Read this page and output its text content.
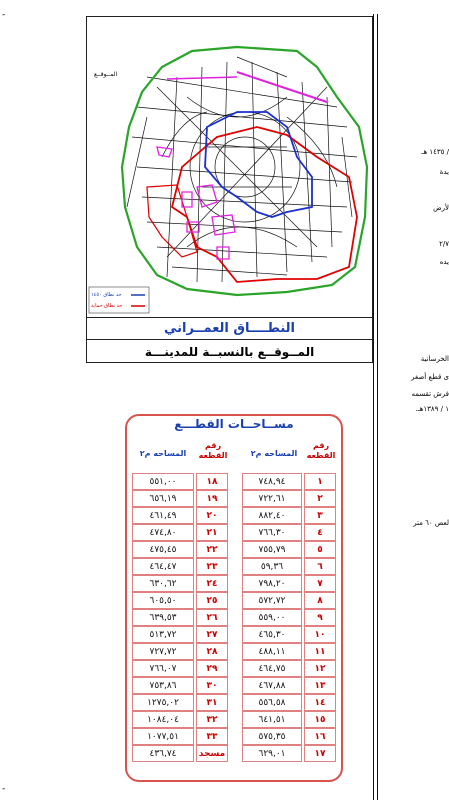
-
-
/ ١٤٣٥ هـ
يدة
لأرض
٢/٧
يده
الخرسانية
ى قطع أصغر
فرش تقسمه
١ / ١٣٨٩هـ.
لعص ٦٠ متر
المــوقــع
حد نطاق ١٤٥٠
حد نطاق حماية
النطــــاق العمــراني
المــوقــع بالنسبــة للمدينـــة
مســاحــات القطـــع
رقم القطعه
المساحه م٢
رقم القطعه
المساحه م٢
١
٧٤٨,٩٤
٢
٧٢٢,٦١
٣
٨٨٢,٤٠
٤
٧٦٦,٣٠
٥
٧٥٥,٧٩
٦
٥٩,٣٦
٧
٧٩٨,٢٠
٨
٥٧٢,٧٢
٩
٥٥٩,٠٠
١٠
٤٦٥,٣٠
١١
٤٨٨,١١
١٢
٤٦٤,٧٥
١٣
٤٦٧,٨٨
١٤
٥٥٦,٥٨
١٥
٦٤١,٥١
١٦
٥٧٥,٣٥
١٧
٦٢٩,٠١
١٨
٥٥١,٠٠
١٩
٦٥٦,١٩
٢٠
٤٦١,٤٩
٢١
٤٧٤,٨٠
٢٢
٤٧٥,٤٥
٢٣
٤٦٤,٤٧
٢٤
٦٣٠,٦٢
٢٥
٦٠٥,٥٠
٢٦
٦٣٩,٥٣
٢٧
٥١٣,٧٢
٢٨
٧٢٧,٧٢
٢٩
٧٦٦,٠٧
٣٠
٧٥٣,٨٦
٣١
١٢٧٥,٠٢
٣٢
١٠٨٤,٠٤
٣٣
١٠٧٧,٥١
مسجد
٤٣٦,٧٤
